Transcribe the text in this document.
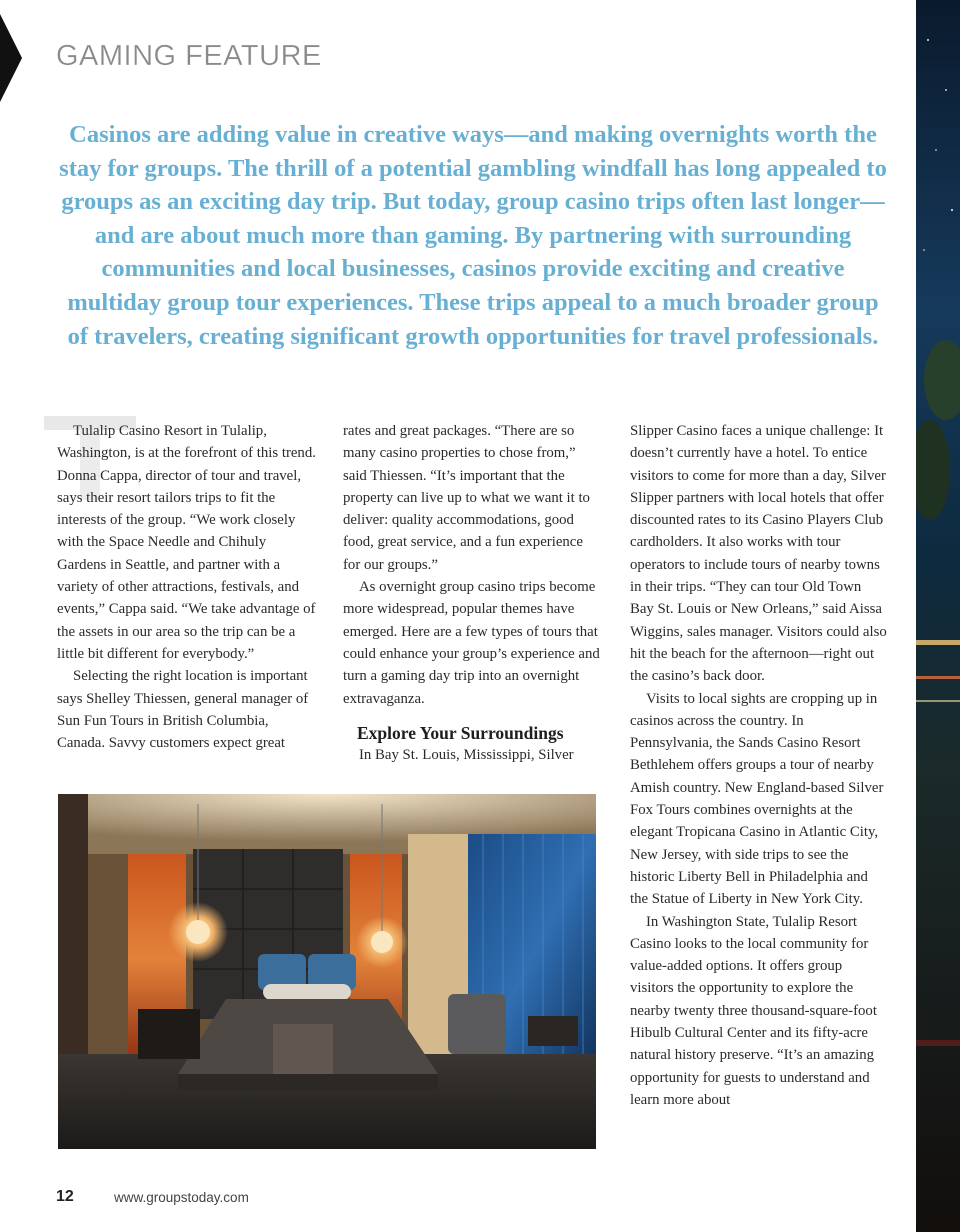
GAMING FEATURE
Casinos are adding value in creative ways—and making overnights worth the stay for groups. The thrill of a potential gambling windfall has long appealed to groups as an exciting day trip. But today, group casino trips often last longer—and are about much more than gaming. By partnering with surrounding communities and local businesses, casinos provide exciting and creative multiday group tour experiences. These trips appeal to a much broader group of travelers, creating significant growth opportunities for travel professionals.

Tulalip Casino Resort in Tulalip, Washington, is at the forefront of this trend. Donna Cappa, director of tour and travel, says their resort tailors trips to fit the interests of the group. “We work closely with the Space Needle and Chihuly Gardens in Seattle, and partner with a variety of other attractions, festivals, and events,” Cappa said. “We take advantage of the assets in our area so the trip can be a little bit different for everybody.”

Selecting the right location is important says Shelley Thiessen, general manager of Sun Fun Tours in British Columbia, Canada. Savvy customers expect great

rates and great packages. “There are so many casino properties to chose from,” said Thiessen. “It’s important that the property can live up to what we want it to deliver: quality accommodations, good food, great service, and a fun experience for our groups.”

As overnight group casino trips become more widespread, popular themes have emerged. Here are a few types of tours that could enhance your group’s experience and turn a gaming day trip into an overnight extravaganza.

Explore Your Surroundings

In Bay St. Louis, Mississippi, Silver

Slipper Casino faces a unique challenge: It doesn’t currently have a hotel. To entice visitors to come for more than a day, Silver Slipper partners with local hotels that offer discounted rates to its Casino Players Club cardholders. It also works with tour operators to include tours of nearby towns in their trips. “They can tour Old Town Bay St. Louis or New Orleans,” said Aissa Wiggins, sales manager. Visitors could also hit the beach for the afternoon—right out the casino’s back door.

Visits to local sights are cropping up in casinos across the country. In Pennsylvania, the Sands Casino Resort Bethlehem offers groups a tour of nearby Amish country. New England-based Silver Fox Tours combines overnights at the elegant Tropicana Casino in Atlantic City, New Jersey, with side trips to see the historic Liberty Bell in Philadelphia and the Statue of Liberty in New York City.

In Washington State, Tulalip Resort Casino looks to the local community for value-added options. It offers group visitors the opportunity to explore the nearby twenty three thousand-square-foot Hibulb Cultural Center and its fifty-acre natural history preserve. “It’s an amazing opportunity for guests to understand and learn more about

12	www.groupstoday.com
